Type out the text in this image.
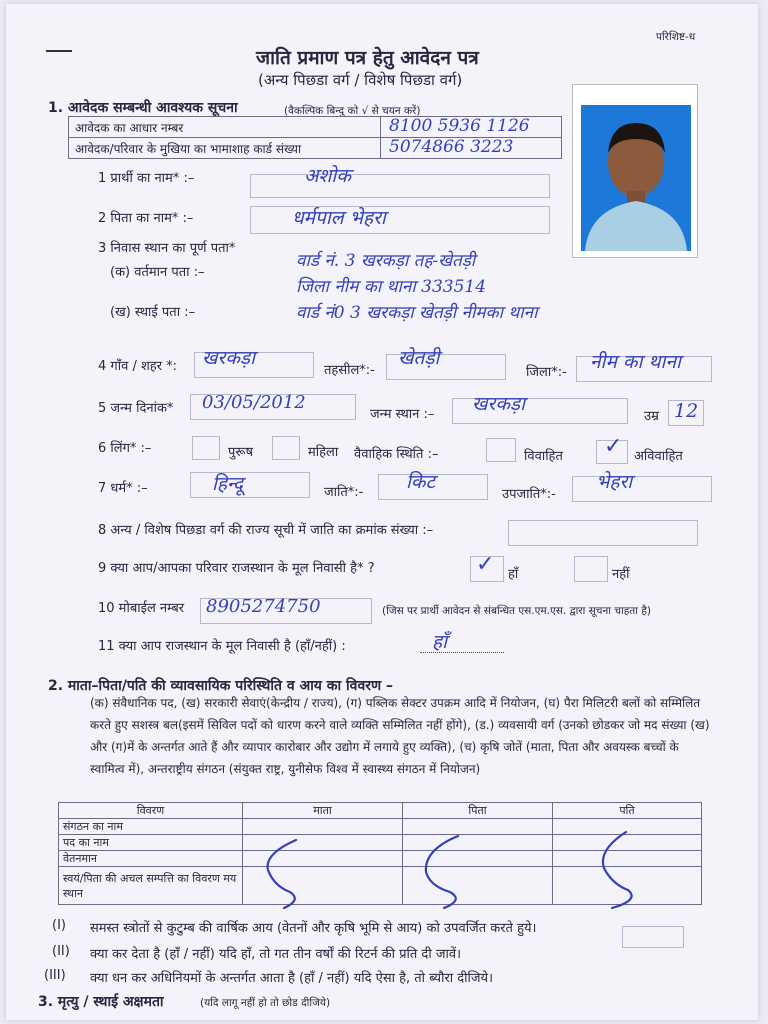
परिशिष्ट-ध
जाति प्रमाण पत्र हेतु आवेदन पत्र
(अन्य पिछडा वर्ग / विशेष पिछडा वर्ग)
1. आवेदक सम्बन्धी आवश्यक सूचना	(वैकल्पिक बिन्दु को √ से चयन करें)
आवेदक का आधार नम्बर	8100 5936 1126

आवेदक/परिवार के मुखिया का भामाशाह कार्ड संख्या	5074866 3223
1 प्रार्थी का नाम* :–	अशोक
2 पिता का नाम* :–	धर्मपाल भेहरा
3 निवास स्थान का पूर्ण पता*
(क) वर्तमान पता :–
वार्ड नं. 3 खरकड़ा तह-खेतड़ी
जिला नीम का थाना 333514
(ख) स्थाई पता :–	वार्ड नं0 3 खरकड़ा खेतड़ी नीमका थाना
4 गाँव / शहर *: खरकड़ा
तहसील*:-
खेतड़ी
जिला*:- नीम का थाना
5 जन्म दिनांक* 03/05/2012
जन्म स्थान :– खरकड़ा
उम्र 12
6 लिंग* :–	पुरूष	महिला वैवाहिक स्थिति :–	विवाहित ✓ अविवाहित
7 धर्म* :–	हिन्दू	जाति*:- किट
उपजाति*:-
भेहरा
8 अन्य / विशेष पिछडा वर्ग की राज्य सूची में जाति का क्रमांक संख्या :–
9 क्या आप/आपका परिवार राजस्थान के मूल निवासी है* ?	✓ हाँ	नहीं
10 मोबाईल नम्बर 8905274750	(जिस पर प्रार्थी आवेदन से संबन्धित एस.एम.एस. द्वारा सूचना चाहता है)
11 क्या आप राजस्थान के मूल निवासी है (हाँ/नहीं) :	हाँ
2. माता–पिता/पति की व्यावसायिक परिस्थिति व आय का विवरण –
(क) संवैधानिक पद, (ख) सरकारी सेवाएं(केन्द्रीय / राज्य), (ग) पब्लिक सेक्टर उपक्रम आदि में नियोजन, (घ) पैरा मिलिटरी बलों को सम्मिलित करते हुए सशस्त्र बल(इसमें सिविल पदों को धारण करने वाले व्यक्ति सम्मिलित नहीं होंगे), (ड.) व्यवसायी वर्ग (उनको छोडकर जो मद संख्या (ख) और (ग)में के अन्तर्गत आते हैं और व्यापार कारोबार और उद्योग में लगाये हुए व्यक्ति), (च) कृषि जोतें (माता, पिता और अवयस्क बच्चों के स्वामित्व में), अन्तराष्ट्रीय संगठन (संयुक्त राष्ट्र, युनीसेफ विश्व में स्वास्थ्य संगठन में नियोजन)
विवरण	माता	पिता	पति
संगठन का नाम			
पद का नाम			
वेतनमान			
स्वयं/पिता की अचल सम्पत्ति का विवरण मय स्थान			
(I) समस्त स्त्रोतों से कुटुम्ब की वार्षिक आय (वेतनों और कृषि भूमि से आय) को उपवर्जित करते हुये।
(II) क्या कर देता है (हाँ / नहीं) यदि हाँ, तो गत तीन वर्षों की रिटर्न की प्रति दी जावें।
(III) क्या धन कर अधिनियमों के अन्तर्गत आता है (हाँ / नहीं) यदि ऐसा है, तो ब्यौरा दीजिये।
3. मृत्यु / स्थाई अक्षमता	(यदि लागू नहीं हो तो छोड दीजिये)
